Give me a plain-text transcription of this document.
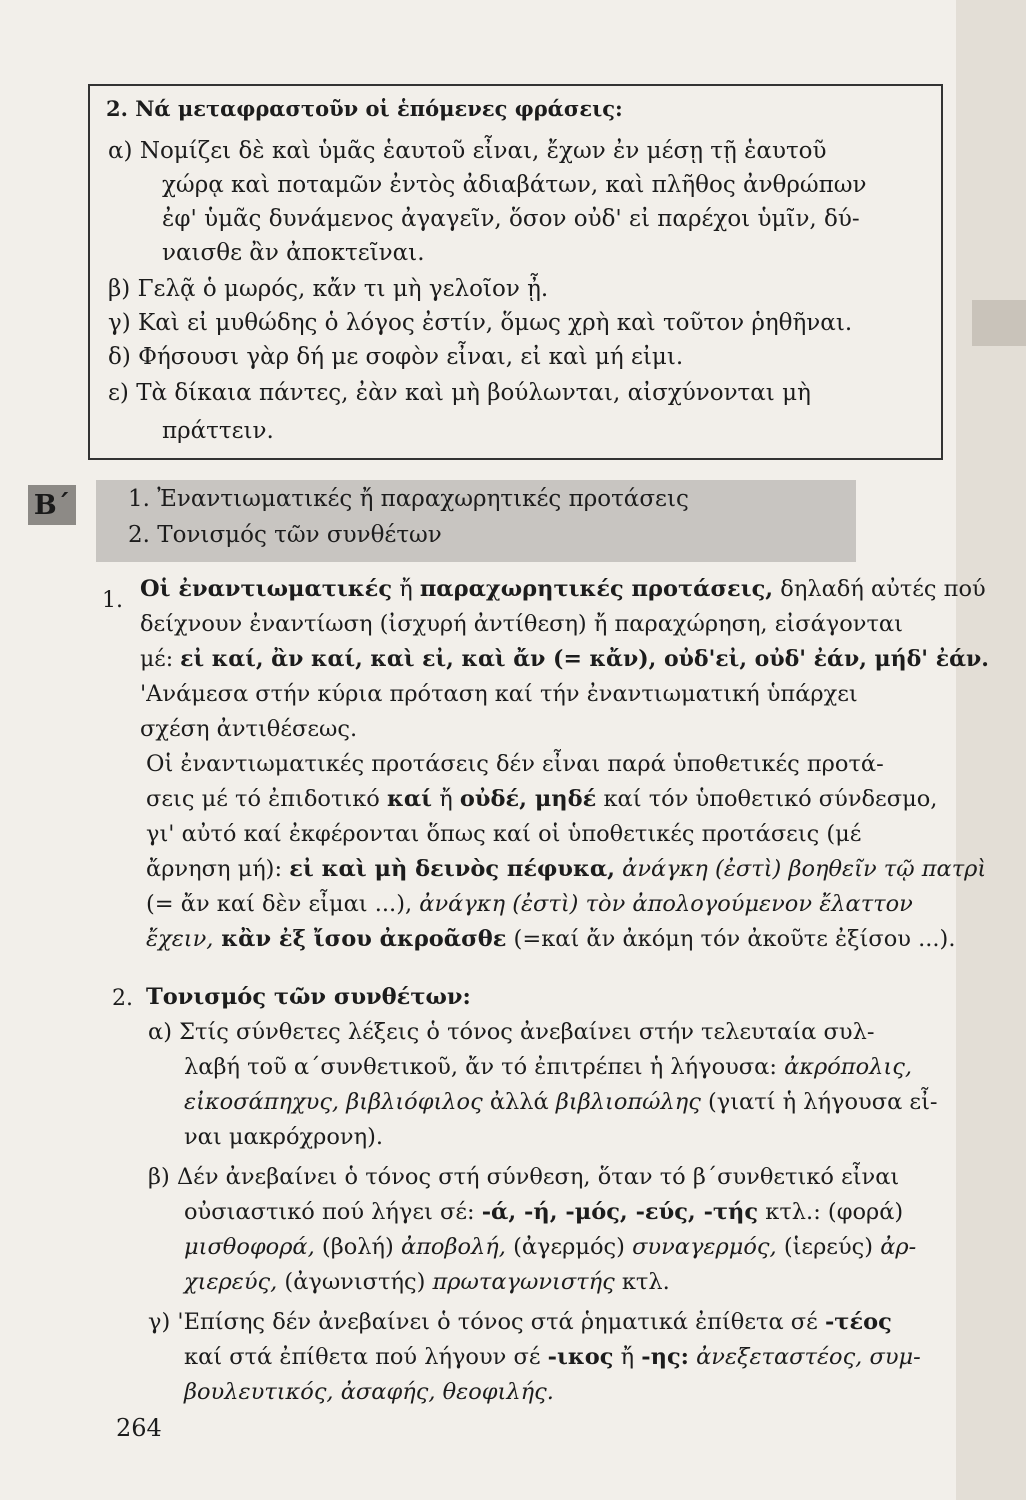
2. Νά μεταφραστοῦν οἱ ἑπόμενες φράσεις:
α) Νομίζει δὲ καὶ ὑμᾶς ἑαυτοῦ εἶναι, ἔχων ἐν μέσῃ τῇ ἑαυτοῦ
χώρᾳ καὶ ποταμῶν ἐντὸς ἀδιαβάτων, καὶ πλῆθος ἀνθρώπων
ἐφ' ὑμᾶς δυνάμενος ἀγαγεῖν, ὅσον οὐδ' εἰ παρέχοι ὑμῖν, δύ-
ναισθε ἂν ἀποκτεῖναι.
β) Γελᾷ ὁ μωρός, κἄν τι μὴ γελοῖον ᾖ.
γ) Καὶ εἰ μυθώδης ὁ λόγος ἐστίν, ὅμως χρὴ καὶ τοῦτον ῥηθῆναι.
δ) Φήσουσι γὰρ δή με σοφὸν εἶναι, εἰ καὶ μή εἰμι.
ε) Τὰ δίκαια πάντες, ἐὰν καὶ μὴ βούλωνται, αἰσχύνονται μὴ
πράττειν.
Β΄	1. Ἐναντιωματικές ἤ παραχωρητικές προτάσεις
2. Τονισμός τῶν συνθέτων
1. Οἱ ἐναντιωματικές ἤ παραχωρητικές προτάσεις, δηλαδή αὐτές πού
δείχνουν ἐναντίωση (ἰσχυρή ἀντίθεση) ἤ παραχώρηση, εἰσάγονται
μέ: εἰ καί, ἂν καί, καὶ εἰ, καὶ ἄν (= κἄν), οὐδ'εἰ, οὐδ' ἐάν, μήδ' ἐάν.
'Ανάμεσα στήν κύρια πρόταση καί τήν ἐναντιωματική ὑπάρχει
σχέση ἀντιθέσεως.
Οἱ ἐναντιωματικές προτάσεις δέν εἶναι παρά ὑποθετικές προτά-
σεις μέ τό ἐπιδοτικό καί ἤ οὐδέ, μηδέ καί τόν ὑποθετικό σύνδεσμο,
γι' αὐτό καί ἐκφέρονται ὅπως καί οἱ ὑποθετικές προτάσεις (μέ
ἄρνηση μή): εἰ καὶ μὴ δεινὸς πέφυκα, ἀνάγκη (ἐστὶ) βοηθεῖν τῷ πατρὶ
(= ἄν καί δὲν εἶμαι ...), ἀνάγκη (ἐστὶ) τὸν ἀπολογούμενον ἔλαττον
ἔχειν, κἂν ἐξ ἴσου ἀκροᾶσθε (=καί ἄν ἀκόμη τόν ἀκοῦτε ἐξίσου ...).
2. Τονισμός τῶν συνθέτων:
α) Στίς σύνθετες λέξεις ὁ τόνος ἀνεβαίνει στήν τελευταία συλ-
λαβή τοῦ α΄συνθετικοῦ, ἄν τό ἐπιτρέπει ἡ λήγουσα: ἀκρόπολις,
εἰκοσάπηχυς, βιβλιόφιλος ἀλλά βιβλιοπώλης (γιατί ἡ λήγουσα εἶ-
ναι μακρόχρονη).
β) Δέν ἀνεβαίνει ὁ τόνος στή σύνθεση, ὅταν τό β΄συνθετικό εἶναι
οὐσιαστικό πού λήγει σέ: -ά, -ή, -μός, -εύς, -τής κτλ.: (φορά)
μισθοφορά, (βολή) ἀποβολή, (ἀγερμός) συναγερμός, (ἱερεύς) ἀρ-
χιερεύς, (ἀγωνιστής) πρωταγωνιστής κτλ.
γ) 'Επίσης δέν ἀνεβαίνει ὁ τόνος στά ῥηματικά ἐπίθετα σέ -τέος
καί στά ἐπίθετα πού λήγουν σέ -ικος ἤ -ης: ἀνεξεταστέος, συμ-
βουλευτικός, ἀσαφής, θεοφιλής.
264
